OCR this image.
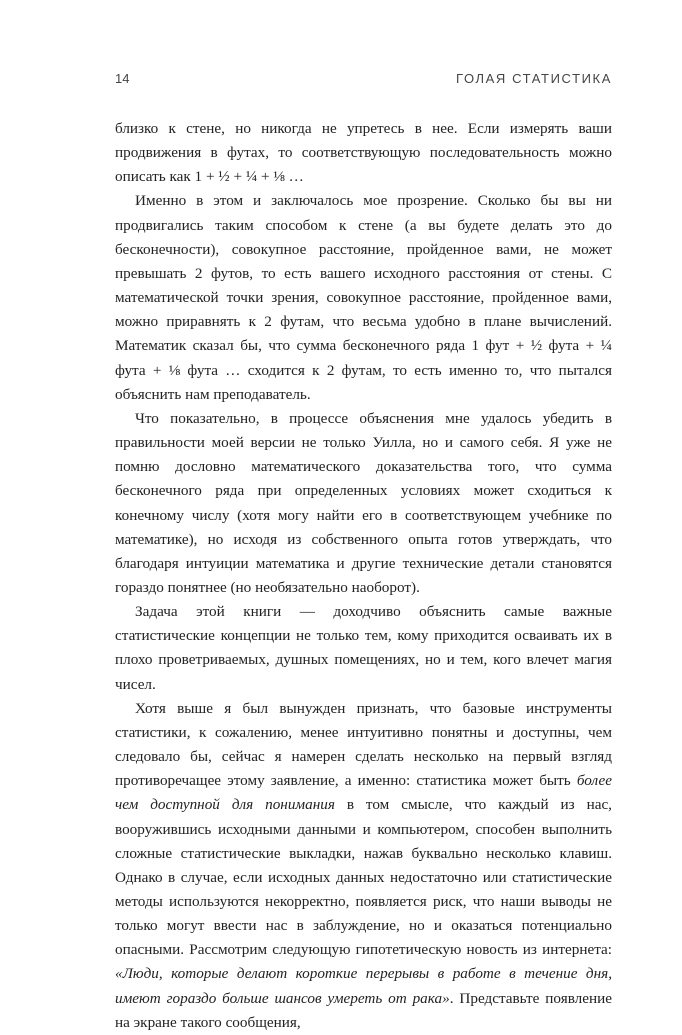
14	ГОЛАЯ СТАТИСТИКА

близко к стене, но никогда не упретесь в нее. Если измерять ваши продвижения в футах, то соответствующую последовательность можно описать как 1 + ½ + ¼ + ⅛ …

Именно в этом и заключалось мое прозрение. Сколько бы вы ни продвигались таким способом к стене (а вы будете делать это до бесконечности), совокупное расстояние, пройденное вами, не может превышать 2 футов, то есть вашего исходного расстояния от стены. С математической точки зрения, совокупное расстояние, пройденное вами, можно приравнять к 2 футам, что весьма удобно в плане вычислений. Математик сказал бы, что сумма бесконечного ряда 1 фут + ½ фута + ¼ фута + ⅛ фута … сходится к 2 футам, то есть именно то, что пытался объяснить нам преподаватель.

Что показательно, в процессе объяснения мне удалось убедить в правильности моей версии не только Уилла, но и самого себя. Я уже не помню дословно математического доказательства того, что сумма бесконечного ряда при определенных условиях может сходиться к конечному числу (хотя могу найти его в соответствующем учебнике по математике), но исходя из собственного опыта готов утверждать, что благодаря интуиции математика и другие технические детали становятся гораздо понятнее (но необязательно наоборот).

Задача этой книги — доходчиво объяснить самые важные статистические концепции не только тем, кому приходится осваивать их в плохо проветриваемых, душных помещениях, но и тем, кого влечет магия чисел.

Хотя выше я был вынужден признать, что базовые инструменты статистики, к сожалению, менее интуитивно понятны и доступны, чем следовало бы, сейчас я намерен сделать несколько на первый взгляд противоречащее этому заявление, а именно: статистика может быть более чем доступной для понимания в том смысле, что каждый из нас, вооружившись исходными данными и компьютером, способен выполнить сложные статистические выкладки, нажав буквально несколько клавиш. Однако в случае, если исходных данных недостаточно или статистические методы используются некорректно, появляется риск, что наши выводы не только могут ввести нас в заблуждение, но и оказаться потенциально опасными. Рассмотрим следующую гипотетическую новость из интернета: «Люди, которые делают короткие перерывы в работе в течение дня, имеют гораздо больше шансов умереть от рака». Представьте появление на экране такого сообщения,
